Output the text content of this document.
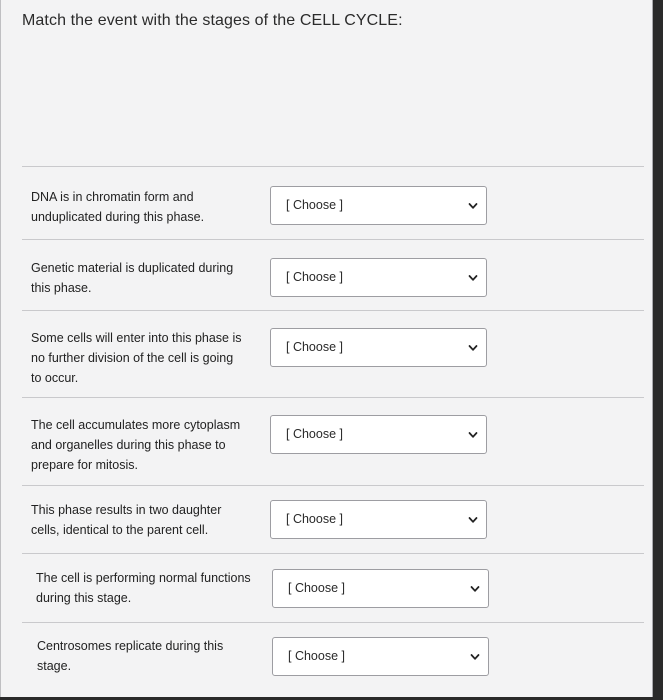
Match the event with the stages of the CELL CYCLE:
DNA is in chromatin form and
unduplicated during this phase.
[ Choose ]
Genetic material is duplicated during
this phase.
[ Choose ]
Some cells will enter into this phase is
no further division of the cell is going
to occur.
[ Choose ]
The cell accumulates more cytoplasm
and organelles during this phase to
prepare for mitosis.
[ Choose ]
This phase results in two daughter
cells, identical to the parent cell.
[ Choose ]
The cell is performing normal functions
during this stage.
[ Choose ]
Centrosomes replicate during this
stage.
[ Choose ]
